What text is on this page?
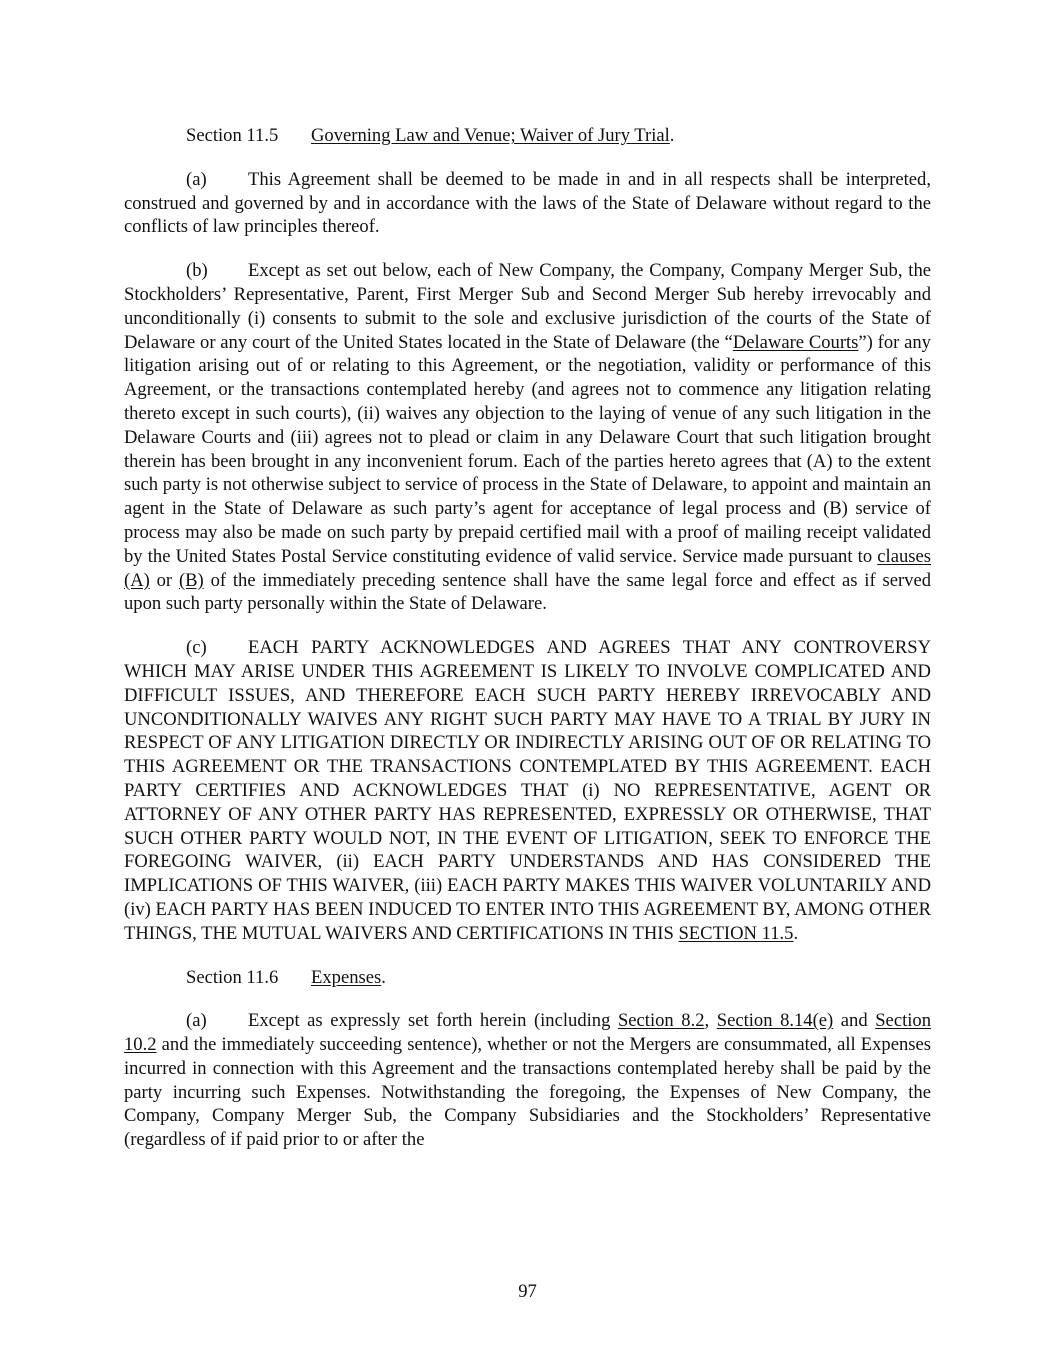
Section 11.5 Governing Law and Venue; Waiver of Jury Trial.

(a) This Agreement shall be deemed to be made in and in all respects shall be interpreted, construed and governed by and in accordance with the laws of the State of Delaware without regard to the conflicts of law principles thereof.

(b) Except as set out below, each of New Company, the Company, Company Merger Sub, the Stockholders’ Representative, Parent, First Merger Sub and Second Merger Sub hereby irrevocably and unconditionally (i) consents to submit to the sole and exclusive jurisdiction of the courts of the State of Delaware or any court of the United States located in the State of Delaware (the “Delaware Courts”) for any litigation arising out of or relating to this Agreement, or the negotiation, validity or performance of this Agreement, or the transactions contemplated hereby (and agrees not to commence any litigation relating thereto except in such courts), (ii) waives any objection to the laying of venue of any such litigation in the Delaware Courts and (iii) agrees not to plead or claim in any Delaware Court that such litigation brought therein has been brought in any inconvenient forum. Each of the parties hereto agrees that (A) to the extent such party is not otherwise subject to service of process in the State of Delaware, to appoint and maintain an agent in the State of Delaware as such party’s agent for acceptance of legal process and (B) service of process may also be made on such party by prepaid certified mail with a proof of mailing receipt validated by the United States Postal Service constituting evidence of valid service. Service made pursuant to clauses (A) or (B) of the immediately preceding sentence shall have the same legal force and effect as if served upon such party personally within the State of Delaware.

(c) EACH PARTY ACKNOWLEDGES AND AGREES THAT ANY CONTROVERSY WHICH MAY ARISE UNDER THIS AGREEMENT IS LIKELY TO INVOLVE COMPLICATED AND DIFFICULT ISSUES, AND THEREFORE EACH SUCH PARTY HEREBY IRREVOCABLY AND UNCONDITIONALLY WAIVES ANY RIGHT SUCH PARTY MAY HAVE TO A TRIAL BY JURY IN RESPECT OF ANY LITIGATION DIRECTLY OR INDIRECTLY ARISING OUT OF OR RELATING TO THIS AGREEMENT OR THE TRANSACTIONS CONTEMPLATED BY THIS AGREEMENT. EACH PARTY CERTIFIES AND ACKNOWLEDGES THAT (i) NO REPRESENTATIVE, AGENT OR ATTORNEY OF ANY OTHER PARTY HAS REPRESENTED, EXPRESSLY OR OTHERWISE, THAT SUCH OTHER PARTY WOULD NOT, IN THE EVENT OF LITIGATION, SEEK TO ENFORCE THE FOREGOING WAIVER, (ii) EACH PARTY UNDERSTANDS AND HAS CONSIDERED THE IMPLICATIONS OF THIS WAIVER, (iii) EACH PARTY MAKES THIS WAIVER VOLUNTARILY AND (iv) EACH PARTY HAS BEEN INDUCED TO ENTER INTO THIS AGREEMENT BY, AMONG OTHER THINGS, THE MUTUAL WAIVERS AND CERTIFICATIONS IN THIS SECTION 11.5.

Section 11.6 Expenses.

(a) Except as expressly set forth herein (including Section 8.2, Section 8.14(e) and Section 10.2 and the immediately succeeding sentence), whether or not the Mergers are consummated, all Expenses incurred in connection with this Agreement and the transactions contemplated hereby shall be paid by the party incurring such Expenses. Notwithstanding the foregoing, the Expenses of New Company, the Company, Company Merger Sub, the Company Subsidiaries and the Stockholders’ Representative (regardless of if paid prior to or after the

97
